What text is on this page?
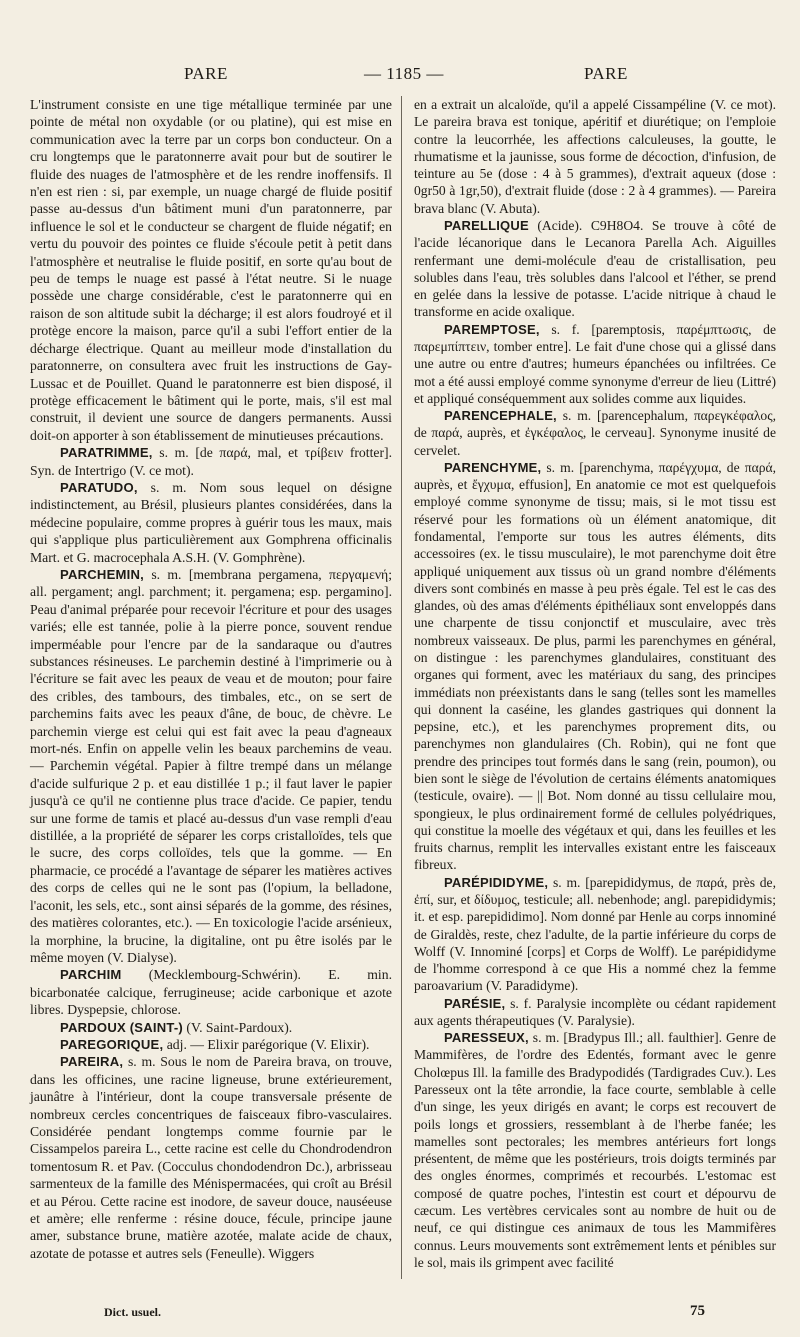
PARE	— 1185 —	PARE

L'instrument consiste en une tige métallique terminée par une pointe de métal non oxydable (or ou platine), qui est mise en communication avec la terre par un corps bon conducteur. On a cru longtemps que le paratonnerre avait pour but de soutirer le fluide des nuages de l'atmosphère et de les rendre inoffensifs. Il n'en est rien : si, par exemple, un nuage chargé de fluide positif passe au-dessus d'un bâtiment muni d'un paratonnerre, par influence le sol et le conducteur se chargent de fluide négatif; en vertu du pouvoir des pointes ce fluide s'écoule petit à petit dans l'atmosphère et neutralise le fluide positif, en sorte qu'au bout de peu de temps le nuage est passé à l'état neutre. Si le nuage possède une charge considérable, c'est le paratonnerre qui en raison de son altitude subit la décharge; il est alors foudroyé et il protège encore la maison, parce qu'il a subi l'effort entier de la décharge électrique. Quant au meilleur mode d'installation du paratonnerre, on consultera avec fruit les instructions de Gay-Lussac et de Pouillet. Quand le paratonnerre est bien disposé, il protège efficacement le bâtiment qui le porte, mais, s'il est mal construit, il devient une source de dangers permanents. Aussi doit-on apporter à son établissement de minutieuses précautions.

PARATRIMME, s. m. [de παρά, mal, et τρίβειν frotter]. Syn. de Intertrigo (V. ce mot).

PARATUDO, s. m. Nom sous lequel on désigne indistinctement, au Brésil, plusieurs plantes considérées, dans la médecine populaire, comme propres à guérir tous les maux, mais qui s'applique plus particulièrement aux Gomphrena officinalis Mart. et G. macrocephala A.S.H. (V. Gomphrène).

PARCHEMIN, s. m. [membrana pergamena, περγαμενή; all. pergament; angl. parchment; it. pergamena; esp. pergamino]. Peau d'animal préparée pour recevoir l'écriture et pour des usages variés; elle est tannée, polie à la pierre ponce, souvent rendue imperméable pour l'encre par de la sandaraque ou d'autres substances résineuses. Le parchemin destiné à l'imprimerie ou à l'écriture se fait avec les peaux de veau et de mouton; pour faire des cribles, des tambours, des timbales, etc., on se sert de parchemins faits avec les peaux d'âne, de bouc, de chèvre. Le parchemin vierge est celui qui est fait avec la peau d'agneaux mort-nés. Enfin on appelle velin les beaux parchemins de veau. — Parchemin végétal. Papier à filtre trempé dans un mélange d'acide sulfurique 2 p. et eau distillée 1 p.; il faut laver le papier jusqu'à ce qu'il ne contienne plus trace d'acide. Ce papier, tendu sur une forme de tamis et placé au-dessus d'un vase rempli d'eau distillée, a la propriété de séparer les corps cristalloïdes, tels que le sucre, des corps colloïdes, tels que la gomme. — En pharmacie, ce procédé a l'avantage de séparer les matières actives des corps de celles qui ne le sont pas (l'opium, la belladone, l'aconit, les sels, etc., sont ainsi séparés de la gomme, des résines, des matières colorantes, etc.). — En toxicologie l'acide arsénieux, la morphine, la brucine, la digitaline, ont pu être isolés par le même moyen (V. Dialyse).

PARCHIM (Mecklembourg-Schwérin). E. min. bicarbonatée calcique, ferrugineuse; acide carbonique et azote libres. Dyspepsie, chlorose.

PARDOUX (SAINT-) (V. Saint-Pardoux).

PAREGORIQUE, adj. — Elixir parégorique (V. Elixir).

PAREIRA, s. m. Sous le nom de Pareira brava, on trouve, dans les officines, une racine ligneuse, brune extérieurement, jaunâtre à l'intérieur, dont la coupe transversale présente de nombreux cercles concentriques de faisceaux fibro-vasculaires. Considérée pendant longtemps comme fournie par le Cissampelos pareira L., cette racine est celle du Chondrodendron tomentosum R. et Pav. (Cocculus chondodendron Dc.), arbrisseau sarmenteux de la famille des Ménispermacées, qui croît au Brésil et au Pérou. Cette racine est inodore, de saveur douce, nauséeuse et amère; elle renferme : résine douce, fécule, principe jaune amer, substance brune, matière azotée, malate acide de chaux, azotate de potasse et autres sels (Feneulle). Wiggers

en a extrait un alcaloïde, qu'il a appelé Cissampéline (V. ce mot). Le pareira brava est tonique, apéritif et diurétique; on l'emploie contre la leucorrhée, les affections calculeuses, la goutte, le rhumatisme et la jaunisse, sous forme de décoction, d'infusion, de teinture au 5e (dose : 4 à 5 grammes), d'extrait aqueux (dose : 0gr50 à 1gr,50), d'extrait fluide (dose : 2 à 4 grammes). — Pareira brava blanc (V. Abuta).

PARELLIQUE (Acide). C9H8O4. Se trouve à côté de l'acide lécanorique dans le Lecanora Parella Ach. Aiguilles renfermant une demi-molécule d'eau de cristallisation, peu solubles dans l'eau, très solubles dans l'alcool et l'éther, se prend en gelée dans la lessive de potasse. L'acide nitrique à chaud le transforme en acide oxalique.

PAREMPTOSE, s. f. [paremptosis, παρέμπτωσις, de παρεμπίπτειν, tomber entre]. Le fait d'une chose qui a glissé dans une autre ou entre d'autres; humeurs épanchées ou infiltrées. Ce mot a été aussi employé comme synonyme d'erreur de lieu (Littré) et appliqué conséquemment aux solides comme aux liquides.

PARENCEPHALE, s. m. [parencephalum, παρεγκέφαλος, de παρά, auprès, et ἐγκέφαλος, le cerveau]. Synonyme inusité de cervelet.

PARENCHYME, s. m. [parenchyma, παρέγχυμα, de παρά, auprès, et ἔγχυμα, effusion], En anatomie ce mot est quelquefois employé comme synonyme de tissu; mais, si le mot tissu est réservé pour les formations où un élément anatomique, dit fondamental, l'emporte sur tous les autres éléments, dits accessoires (ex. le tissu musculaire), le mot parenchyme doit être appliqué uniquement aux tissus où un grand nombre d'éléments divers sont combinés en masse à peu près égale. Tel est le cas des glandes, où des amas d'éléments épithéliaux sont enveloppés dans une charpente de tissu conjonctif et musculaire, avec très nombreux vaisseaux. De plus, parmi les parenchymes en général, on distingue : les parenchymes glandulaires, constituant des organes qui forment, avec les matériaux du sang, des principes immédiats non préexistants dans le sang (telles sont les mamelles qui donnent la caséine, les glandes gastriques qui donnent la pepsine, etc.), et les parenchymes proprement dits, ou parenchymes non glandulaires (Ch. Robin), qui ne font que prendre des principes tout formés dans le sang (rein, poumon), ou bien sont le siège de l'évolution de certains éléments anatomiques (testicule, ovaire). — || Bot. Nom donné au tissu cellulaire mou, spongieux, le plus ordinairement formé de cellules polyédriques, qui constitue la moelle des végétaux et qui, dans les feuilles et les fruits charnus, remplit les intervalles existant entre les faisceaux fibreux.

PARÉPIDIDYME, s. m. [parepididymus, de παρά, près de, ἐπί, sur, et δίδυμος, testicule; all. nebenhode; angl. parepididymis; it. et esp. parepididimo]. Nom donné par Henle au corps innominé de Giraldès, reste, chez l'adulte, de la partie inférieure du corps de Wolff (V. Innominé [corps] et Corps de Wolff). Le parépididyme de l'homme correspond à ce que His a nommé chez la femme paroavarium (V. Paradidyme).

PARÉSIE, s. f. Paralysie incomplète ou cédant rapidement aux agents thérapeutiques (V. Paralysie).

PARESSEUX, s. m. [Bradypus Ill.; all. faulthier]. Genre de Mammifères, de l'ordre des Edentés, formant avec le genre Cholœpus Ill. la famille des Bradypodidés (Tardigrades Cuv.). Les Paresseux ont la tête arrondie, la face courte, semblable à celle d'un singe, les yeux dirigés en avant; le corps est recouvert de poils longs et grossiers, ressemblant à de l'herbe fanée; les mamelles sont pectorales; les membres antérieurs fort longs présentent, de même que les postérieurs, trois doigts terminés par des ongles énormes, comprimés et recourbés. L'estomac est composé de quatre poches, l'intestin est court et dépourvu de cæcum. Les vertèbres cervicales sont au nombre de huit ou de neuf, ce qui distingue ces animaux de tous les Mammifères connus. Leurs mouvements sont extrêmement lents et pénibles sur le sol, mais ils grimpent avec facilité

Dict. usuel.	75
